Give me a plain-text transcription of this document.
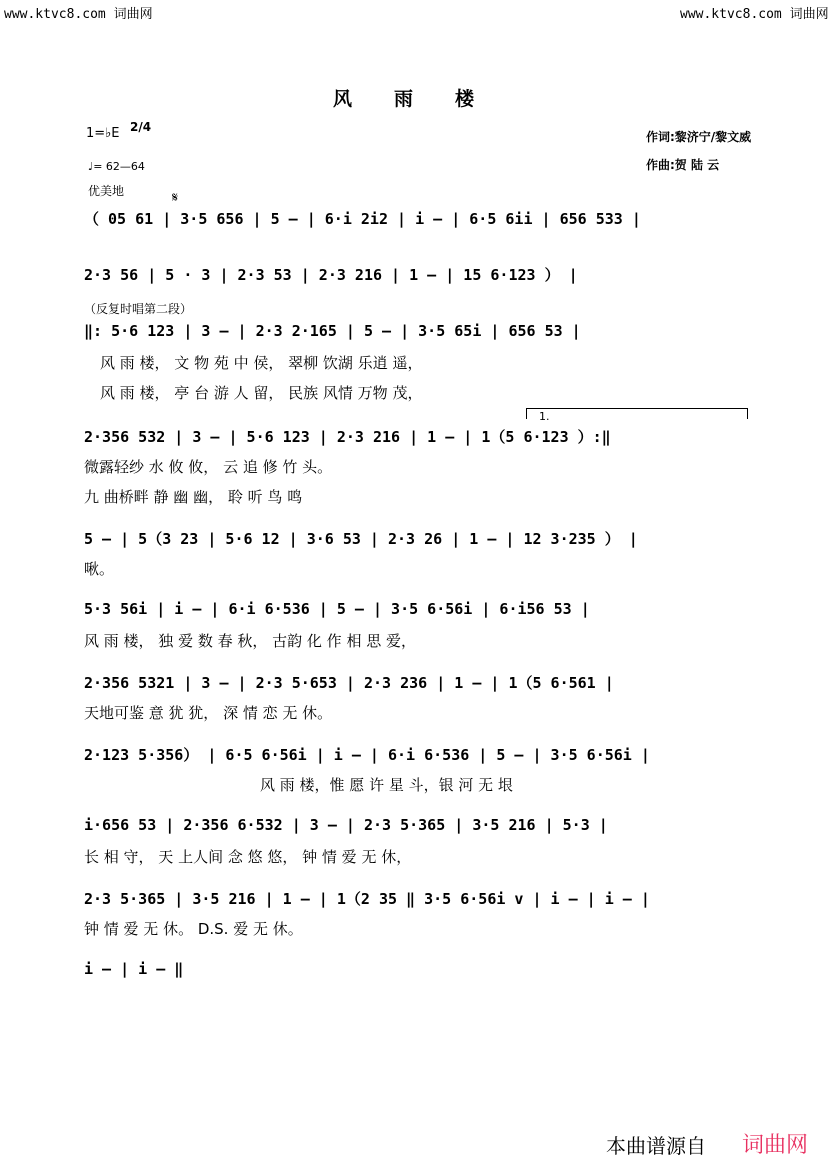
www.ktvc8.com 词曲网	www.ktvc8.com 词曲网
风雨楼
1=♭E 2/4
♩= 62—64
优美地
作词:黎济宁/黎文威
作曲:贺 陆 云
𝄋
（ 05 61 | 3·5 656 | 5 — | 6·i 2i2 | i — | 6·5 6ii | 656 533 |
2·3 56 | 5 · 3 | 2·3 53 | 2·3 216 | 1 — | 15 6·123 ） |
（反复时唱第二段）
‖: 5·6 123 | 3 — | 2·3 2·165 | 5 — | 3·5 65i | 656 53 |
风 雨 楼， 文 物 苑 中 侯， 翠柳 饮湖 乐逍 遥，
风 雨 楼， 亭 台 游 人 留， 民族 风情 万物 茂，
1.
2·356 532 | 3 — | 5·6 123 | 2·3 216 | 1 — | 1（5 6·123 ）:‖
微露轻纱 水 攸 攸， 云 追 修 竹 头。
九 曲桥畔 静 幽 幽， 聆 听 鸟 鸣
5 — | 5（3 23 | 5·6 12 | 3·6 53 | 2·3 26 | 1 — | 12 3·235 ） |
啾。
5·3 56i | i — | 6·i 6·536 | 5 — | 3·5 6·56i | 6·i56 53 |
风 雨 楼， 独 爱 数 春 秋， 古韵 化 作 相 思 爱，
2·356 5321 | 3 — | 2·3 5·653 | 2·3 236 | 1 — | 1（5 6·561 |
天地可鉴 意 犹 犹， 深 情 恋 无 休。
2·123 5·356） | 6·5 6·56i | i — | 6·i 6·536 | 5 — | 3·5 6·56i |
风 雨 楼，惟 愿 许 星 斗，银 河 无 垠
i·656 53 | 2·356 6·532 | 3 — | 2·3 5·365 | 3·5 216 | 5·3 |
长 相 守， 天 上人间 念 悠 悠， 钟 情 爱 无 休，
2·3 5·365 | 3·5 216 | 1 — | 1（2 35 ‖ 3·5 6·56i v | i — | i — |
钟 情 爱 无 休。 D.S. 爱 无 休。
i — | i — ‖
本曲谱源自 词曲网
